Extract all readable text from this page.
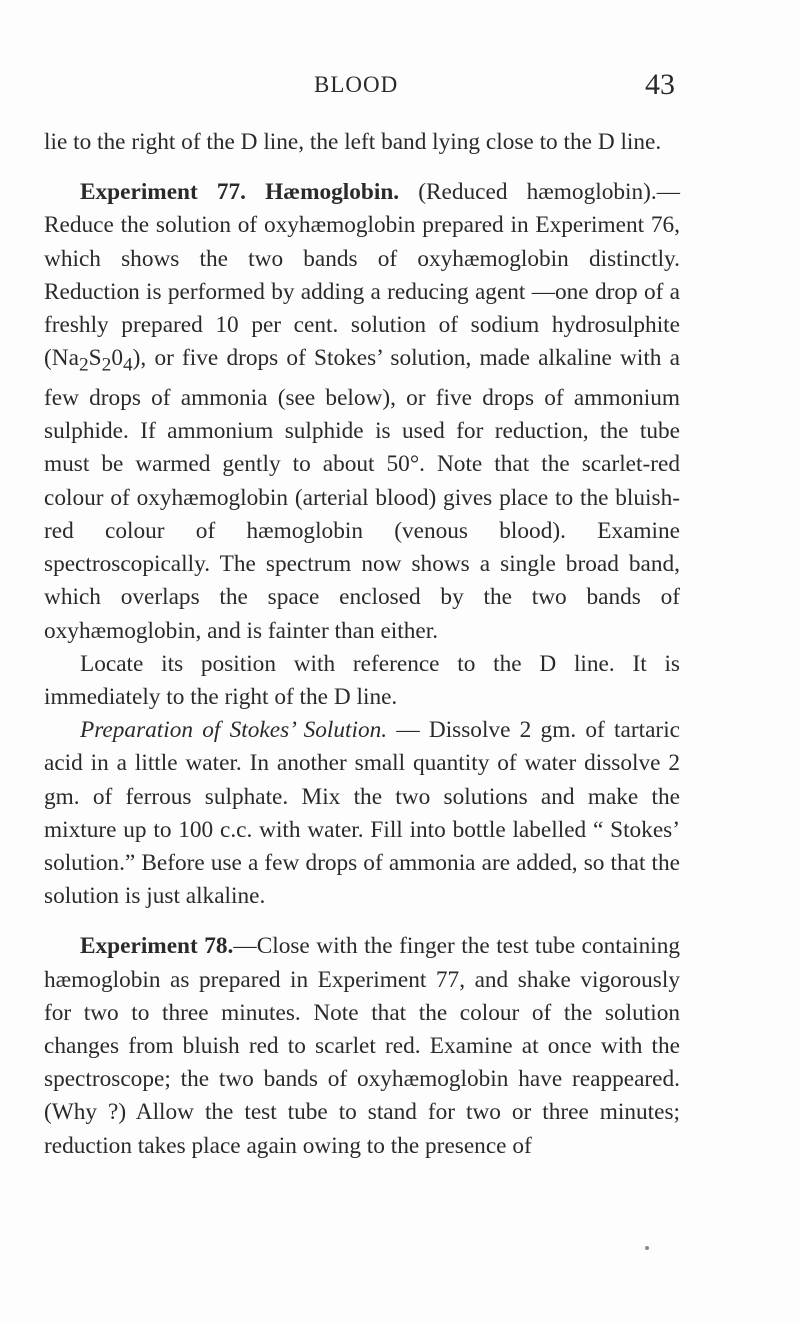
BLOOD	43

lie to the right of the D line, the left band lying close to the D line.

Experiment 77. Hæmoglobin. (Reduced hæmoglobin).—Reduce the solution of oxyhæmoglobin prepared in Experiment 76, which shows the two bands of oxyhæmoglobin distinctly. Reduction is performed by adding a reducing agent —one drop of a freshly prepared 10 per cent. solution of sodium hydrosulphite $(Na_2S_20_4)$, or five drops of Stokes’ solution, made alkaline with a few drops of ammonia (see below), or five drops of ammonium sulphide. If ammonium sulphide is used for reduction, the tube must be warmed gently to about 50°. Note that the scarlet-red colour of oxyhæmoglobin (arterial blood) gives place to the bluish-red colour of hæmoglobin (venous blood). Examine spectroscopically. The spectrum now shows a single broad band, which overlaps the space enclosed by the two bands of oxyhæmoglobin, and is fainter than either.

Locate its position with reference to the D line. It is immediately to the right of the D line.

Preparation of Stokes’ Solution. — Dissolve 2 gm. of tartaric acid in a little water. In another small quantity of water dissolve 2 gm. of ferrous sulphate. Mix the two solutions and make the mixture up to 100 c.c. with water. Fill into bottle labelled “ Stokes’ solution.” Before use a few drops of ammonia are added, so that the solution is just alkaline.

Experiment 78.—Close with the finger the test tube containing hæmoglobin as prepared in Experiment 77, and shake vigorously for two to three minutes. Note that the colour of the solution changes from bluish red to scarlet red. Examine at once with the spectroscope; the two bands of oxyhæmoglobin have reappeared. (Why ?) Allow the test tube to stand for two or three minutes; reduction takes place again owing to the presence of
